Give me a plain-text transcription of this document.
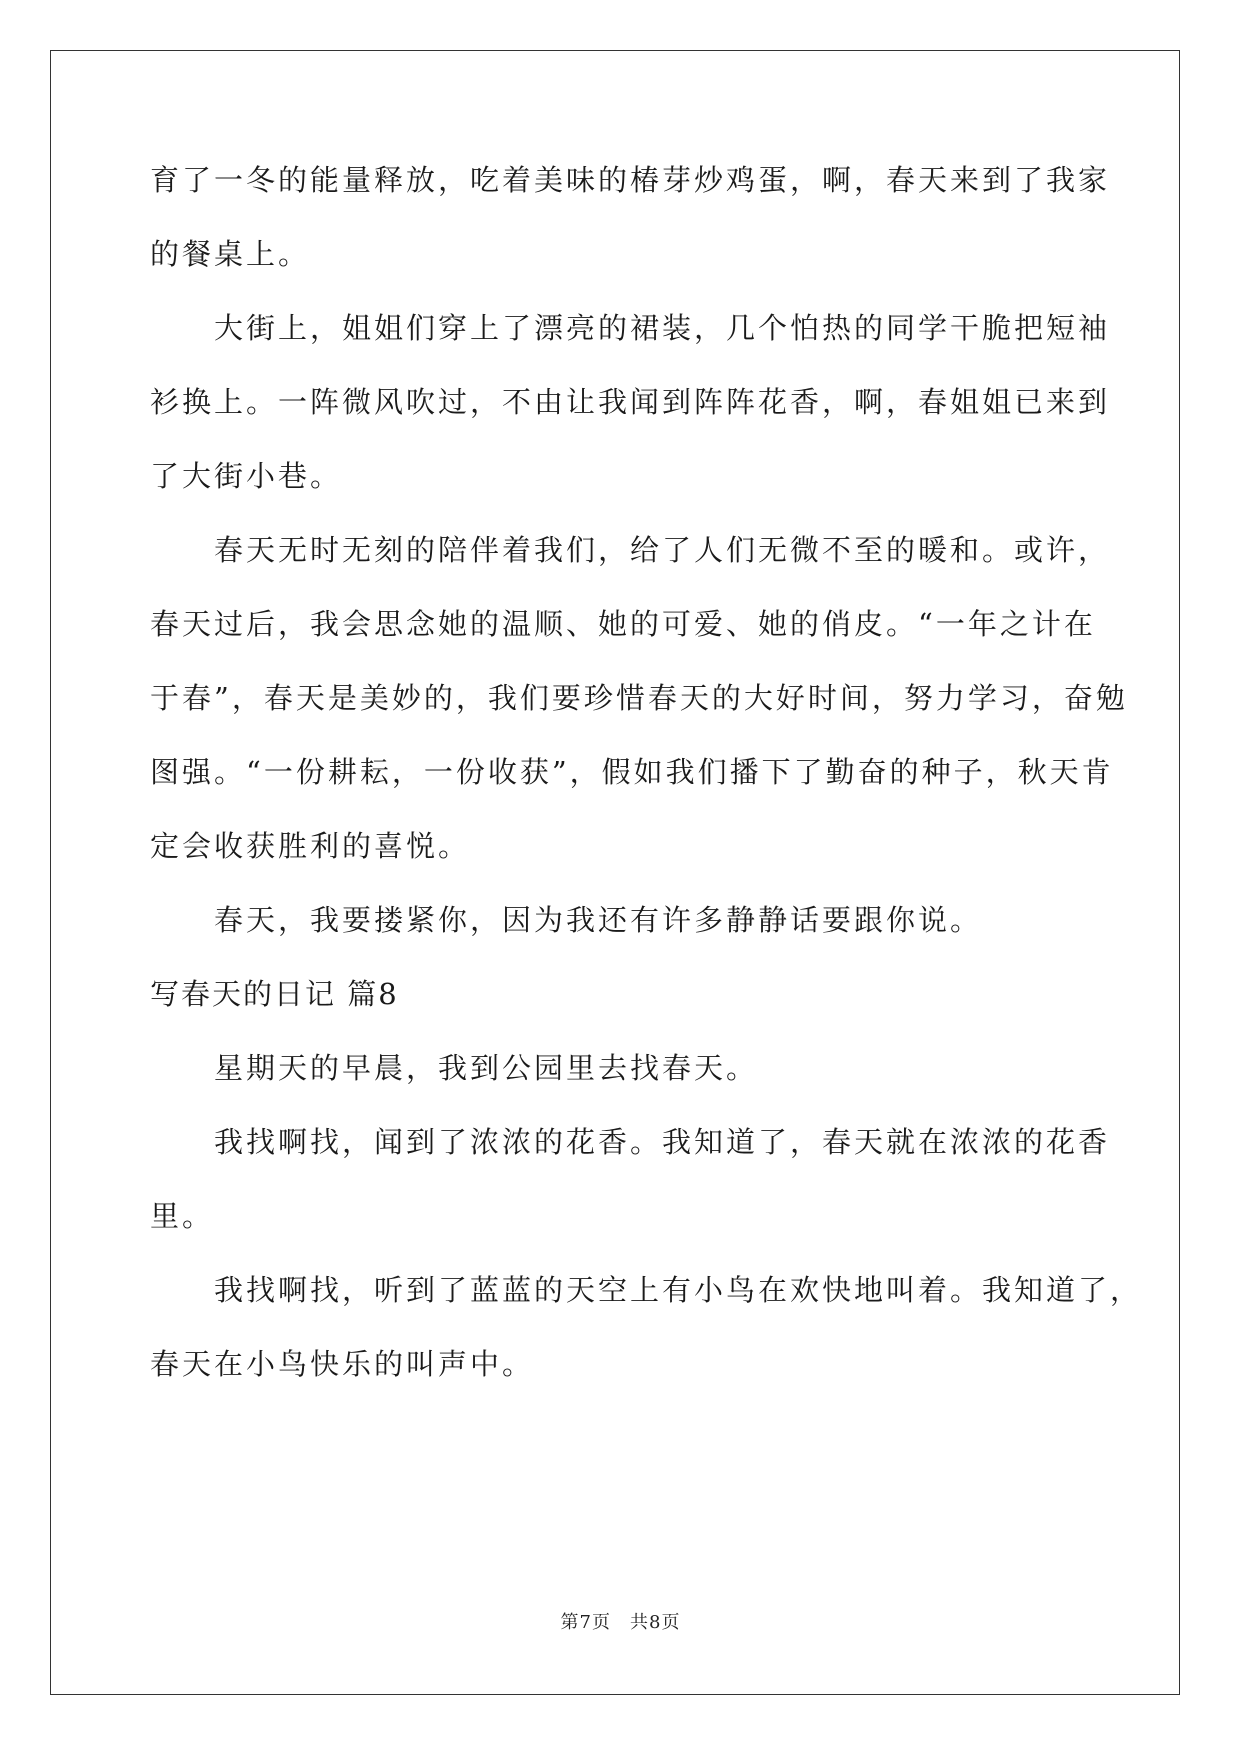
育了一冬的能量释放，吃着美味的椿芽炒鸡蛋，啊，春天来到了我家
的餐桌上。
大街上，姐姐们穿上了漂亮的裙装，几个怕热的同学干脆把短袖
衫换上。一阵微风吹过，不由让我闻到阵阵花香，啊，春姐姐已来到
了大街小巷。
春天无时无刻的陪伴着我们，给了人们无微不至的暖和。或许，
春天过后，我会思念她的温顺、她的可爱、她的俏皮。“一年之计在
于春”，春天是美妙的，我们要珍惜春天的大好时间，努力学习，奋勉
图强。“一份耕耘，一份收获”，假如我们播下了勤奋的种子，秋天肯
定会收获胜利的喜悦。
春天，我要搂紧你，因为我还有许多静静话要跟你说。
写春天的日记 篇8
星期天的早晨，我到公园里去找春天。
我找啊找，闻到了浓浓的花香。我知道了，春天就在浓浓的花香
里。
我找啊找，听到了蓝蓝的天空上有小鸟在欢快地叫着。我知道了，
春天在小鸟快乐的叫声中。
第7页　共8页
